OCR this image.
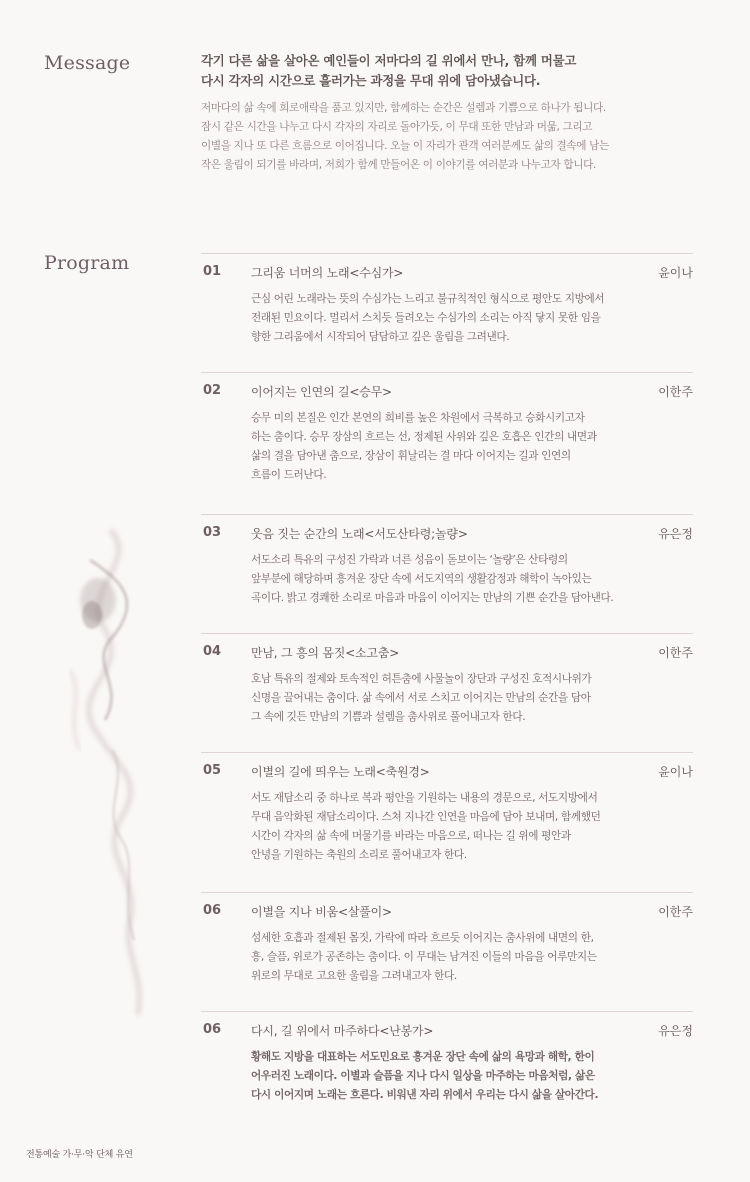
Message	각기 다른 삶을 살아온 예인들이 저마다의 길 위에서 만나, 함께 머물고
다시 각자의 시간으로 흘러가는 과정을 무대 위에 담아냈습니다.
저마다의 삶 속에 희로애락을 품고 있지만, 함께하는 순간은 설렘과 기쁨으로 하나가 됩니다.
잠시 같은 시간을 나누고 다시 각자의 자리로 돌아가듯, 이 무대 또한 만남과 머묾, 그리고
이별을 지나 또 다른 흐름으로 이어집니다. 오늘 이 자리가 관객 여러분께도 삶의 결속에 남는
작은 울림이 되기를 바라며, 저희가 함께 만들어온 이 이야기를 여러분과 나누고자 합니다.
Program	01 그리움 너머의 노래<수심가>	윤이나
근심 어린 노래라는 뜻의 수심가는 느리고 불규칙적인 형식으로 평안도 지방에서
전래된 민요이다. 멀리서 스치듯 들려오는 수심가의 소리는 아직 닿지 못한 임을
향한 그리움에서 시작되어 담담하고 깊은 울림을 그려낸다.
02 이어지는 인연의 길<승무>	이한주
승무 미의 본질은 인간 본연의 희비를 높은 차원에서 극복하고 승화시키고자
하는 춤이다. 승무 장삼의 흐르는 선, 정제된 사위와 깊은 호흡은 인간의 내면과
삶의 결을 담아낸 춤으로, 장삼이 휘날리는 결 마다 이어지는 길과 인연의
흐름이 드러난다.
03 웃음 짓는 순간의 노래<서도산타령;놀량>	유은정
서도소리 특유의 구성진 가락과 너른 성음이 돋보이는 ‘놀량’은 산타령의
앞부분에 해당하며 흥겨운 장단 속에 서도지역의 생활감정과 해학이 녹아있는
곡이다. 밝고 경쾌한 소리로 마음과 마음이 이어지는 만남의 기쁜 순간을 담아낸다.
04 만남, 그 흥의 몸짓<소고춤>	이한주
호남 특유의 절제와 토속적인 허튼춤에 사물놀이 장단과 구성진 호적시나위가
신명을 끌어내는 춤이다. 삶 속에서 서로 스치고 이어지는 만남의 순간을 담아
그 속에 깃든 만남의 기쁨과 설렘을 춤사위로 풀어내고자 한다.
05 이별의 길에 띄우는 노래<축원경>	윤이나
서도 재담소리 중 하나로 복과 평안을 기원하는 내용의 경문으로, 서도지방에서
무대 음악화된 재담소리이다. 스쳐 지나간 인연을 마음에 담아 보내며, 함께했던
시간이 각자의 삶 속에 머물기를 바라는 마음으로, 떠나는 길 위에 평안과
안녕을 기원하는 축원의 소리로 풀어내고자 한다.
06 이별을 지나 비움<살풀이>	이한주
섬세한 호흡과 절제된 몸짓, 가락에 따라 흐르듯 이어지는 춤사위에 내면의 한,
흥, 슬픔, 위로가 공존하는 춤이다. 이 무대는 남겨진 이들의 마음을 어루만지는
위로의 무대로 고요한 울림을 그려내고자 한다.
06 다시, 길 위에서 마주하다<난봉가>	유은정
황해도 지방을 대표하는 서도민요로 흥겨운 장단 속에 삶의 욕망과 해학, 한이
어우러진 노래이다. 이별과 슬픔을 지나 다시 일상을 마주하는 마음처럼, 삶은
다시 이어지며 노래는 흐른다. 비워낸 자리 위에서 우리는 다시 삶을 살아간다.
전통예술 가·무·악 단체 유연
